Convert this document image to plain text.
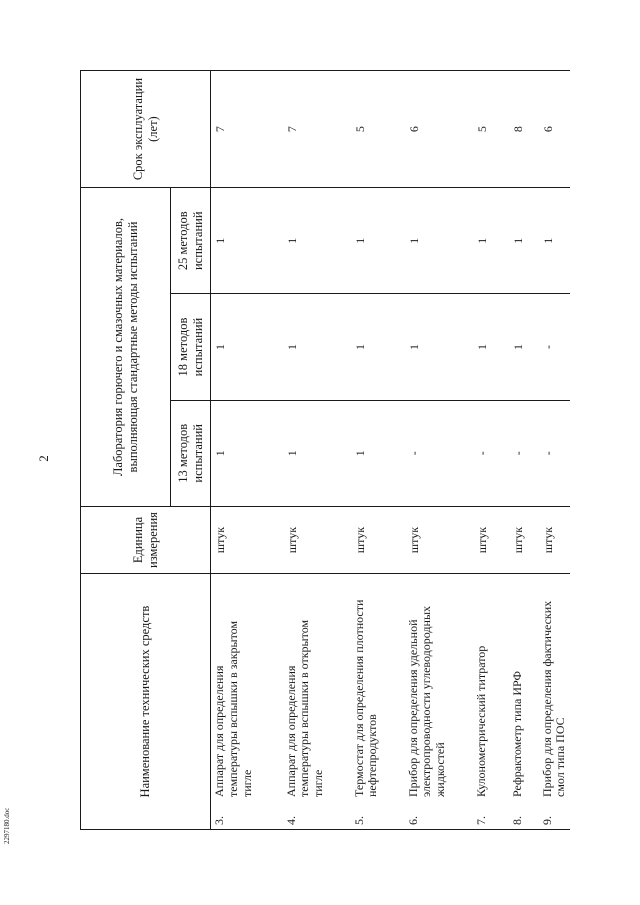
2
Наименование технических средств	Единица измерения	Лаборатория горючего и смазочных материалов, выполняющая стандартные методы испытаний			Срок эксплуатации (лет)
		13 методов испытаний	18 методов испытаний	25 методов испытаний	
3.Аппарат для определения температуры вспышки в закрытом тигле	штук	1	1	1	7
4.Аппарат для определения температуры вспышки в открытом тигле	штук	1	1	1	7
5.Термостат для определения плотности нефтепродуктов	штук	1	1	1	5
6.Прибор для определения удельной электропроводности углеводородных жидкостей	штук	-	1	1	6
7.Кулонометрический титратор	штук	-	1	1	5
8.Рефрактометр типа ИРФ	штук	-	1	1	8
9.Прибор для определения фактических смол типа ПОС	штук	-	-	1	6
2297180.doc
